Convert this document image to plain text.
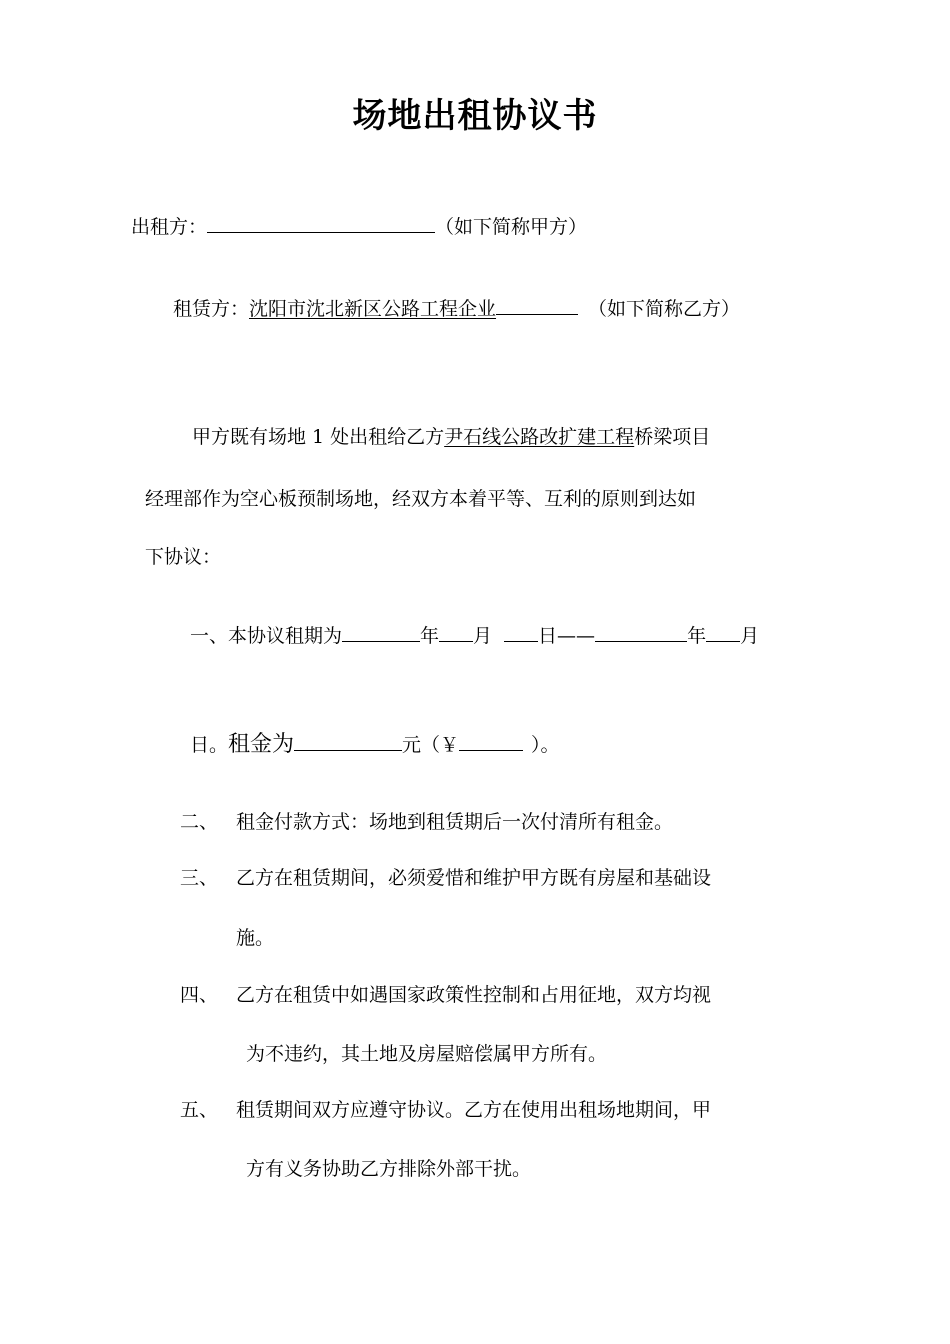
场地出租协议书
出租方：	（如下简称甲方）
租赁方：沈阳市沈北新区公路工程企业	（如下简称乙方）
甲方既有场地 1 处出租给乙方尹石线公路改扩建工程桥梁项目
经理部作为空心板预制场地，经双方本着平等、互利的原则到达如
下协议：
一、本协议租期为	年 月 日——	年 月
日。租金为	元（￥	）。
二、 租金付款方式：场地到租赁期后一次付清所有租金。
三、 乙方在租赁期间，必须爱惜和维护甲方既有房屋和基础设
施。
四、 乙方在租赁中如遇国家政策性控制和占用征地，双方均视
为不违约，其土地及房屋赔偿属甲方所有。
五、 租赁期间双方应遵守协议。乙方在使用出租场地期间，甲
方有义务协助乙方排除外部干扰。
